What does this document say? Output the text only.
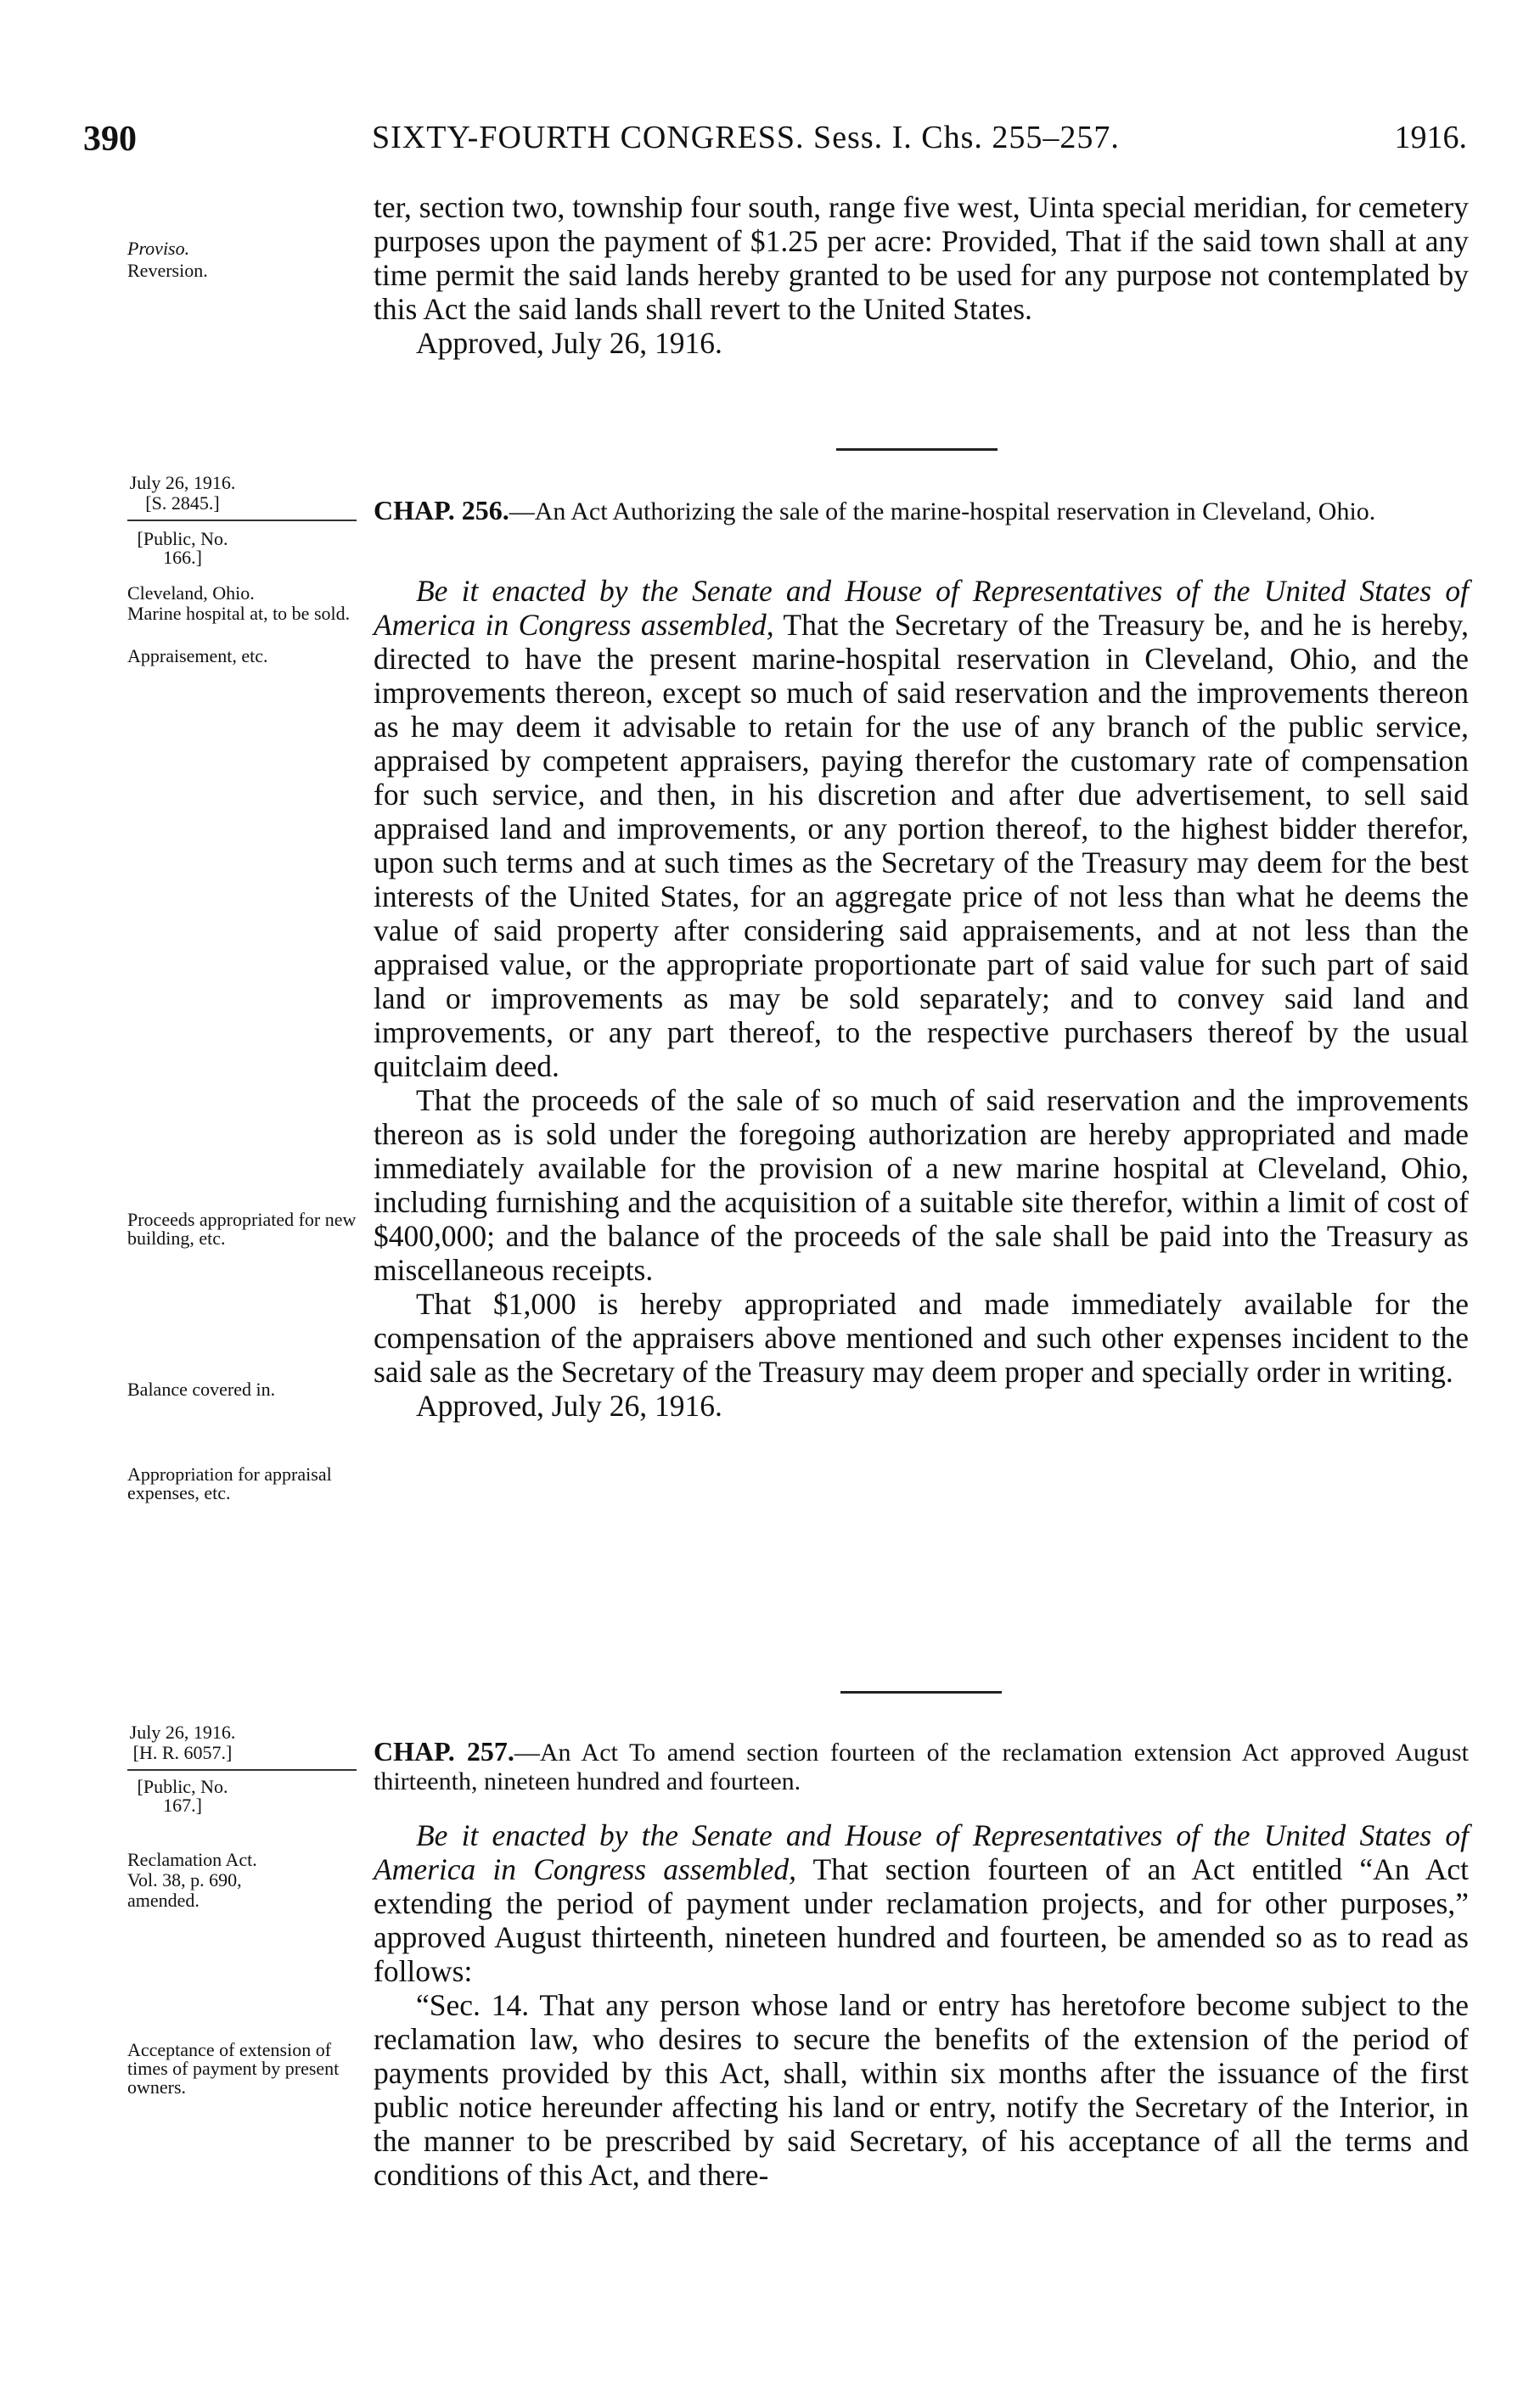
390	SIXTY-FOURTH CONGRESS. Sess. I. Chs. 255–257.	1916.
Proviso.
Reversion.

ter, section two, township four south, range five west, Uinta special meridian, for cemetery purposes upon the payment of $1.25 per acre: Provided, That if the said town shall at any time permit the said lands hereby granted to be used for any purpose not contemplated by this Act the said lands shall revert to the United States.

Approved, July 26, 1916.

July 26, 1916.
[S. 2845.]
[Public, No. 166.]
CHAP. 256.—An Act Authorizing the sale of the marine-hospital reservation in Cleveland, Ohio.
Cleveland, Ohio.
Marine hospital at, to be sold.
Appraisement, etc.
Proceeds appropriated for new building, etc.
Balance covered in.
Appropriation for appraisal expenses, etc.

Be it enacted by the Senate and House of Representatives of the United States of America in Congress assembled, That the Secretary of the Treasury be, and he is hereby, directed to have the present marine-hospital reservation in Cleveland, Ohio, and the improvements thereon, except so much of said reservation and the improvements thereon as he may deem it advisable to retain for the use of any branch of the public service, appraised by competent appraisers, paying therefor the customary rate of compensation for such service, and then, in his discretion and after due advertisement, to sell said appraised land and improvements, or any portion thereof, to the highest bidder therefor, upon such terms and at such times as the Secretary of the Treasury may deem for the best interests of the United States, for an aggregate price of not less than what he deems the value of said property after considering said appraisements, and at not less than the appraised value, or the appropriate proportionate part of said value for such part of said land or improvements as may be sold separately; and to convey said land and improvements, or any part thereof, to the respective purchasers thereof by the usual quitclaim deed.

That the proceeds of the sale of so much of said reservation and the improvements thereon as is sold under the foregoing authorization are hereby appropriated and made immediately available for the provision of a new marine hospital at Cleveland, Ohio, including furnishing and the acquisition of a suitable site therefor, within a limit of cost of $400,000; and the balance of the proceeds of the sale shall be paid into the Treasury as miscellaneous receipts.

That $1,000 is hereby appropriated and made immediately available for the compensation of the appraisers above mentioned and such other expenses incident to the said sale as the Secretary of the Treasury may deem proper and specially order in writing.

Approved, July 26, 1916.

July 26, 1916.
[H. R. 6057.]
[Public, No. 167.]
CHAP. 257.—An Act To amend section fourteen of the reclamation extension Act approved August thirteenth, nineteen hundred and fourteen.
Reclamation Act.
Vol. 38, p. 690,
amended.
Acceptance of extension of times of payment by present owners.

Be it enacted by the Senate and House of Representatives of the United States of America in Congress assembled, That section fourteen of an Act entitled “An Act extending the period of payment under reclamation projects, and for other purposes,” approved August thirteenth, nineteen hundred and fourteen, be amended so as to read as follows:

“Sec. 14. That any person whose land or entry has heretofore become subject to the reclamation law, who desires to secure the benefits of the extension of the period of payments provided by this Act, shall, within six months after the issuance of the first public notice hereunder affecting his land or entry, notify the Secretary of the Interior, in the manner to be prescribed by said Secretary, of his acceptance of all the terms and conditions of this Act, and there-
